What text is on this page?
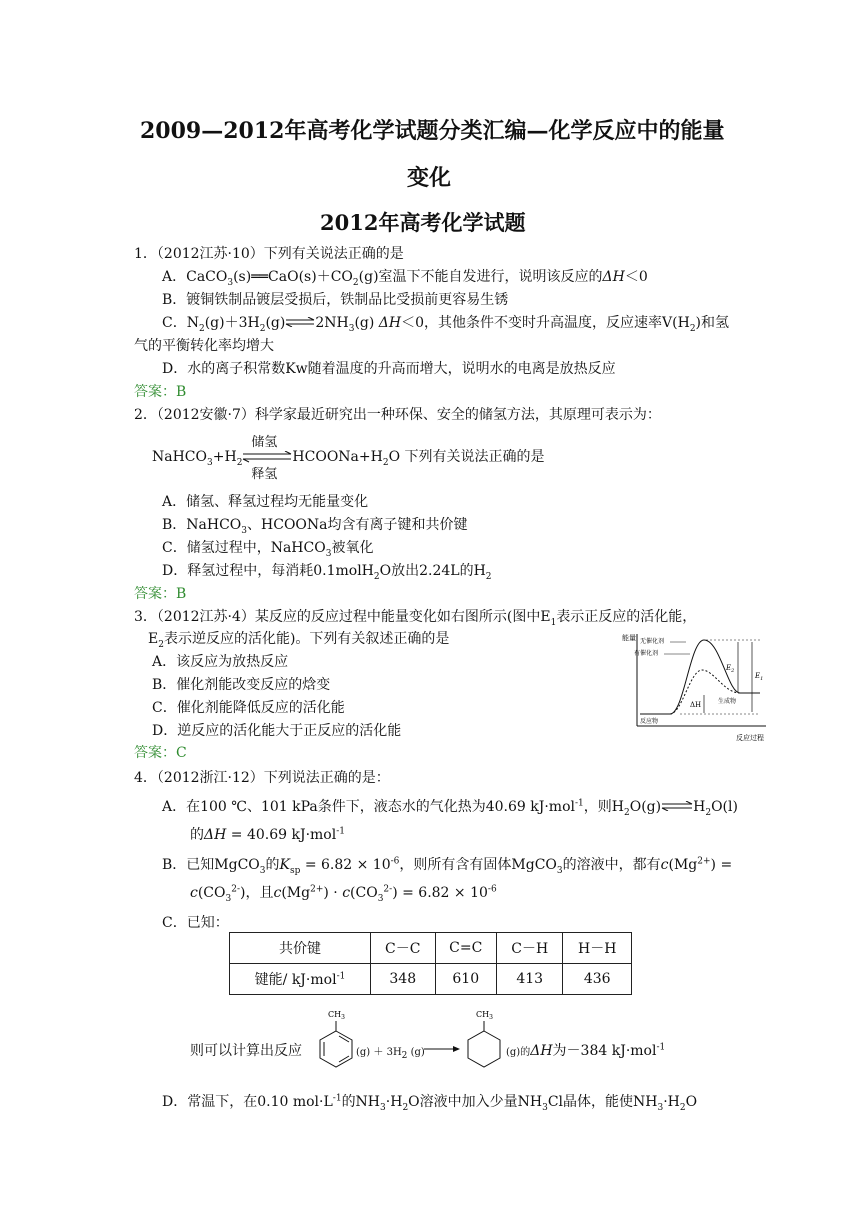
2009—2012年高考化学试题分类汇编—化学反应中的能量
变化
2012年高考化学试题
1．（2012江苏·10）下列有关说法正确的是
A．$CaCO_3(s)══CaO(s)+CO_2(g)$室温下不能自发进行，说明该反应的ΔH＜0
B．镀铜铁制品镀层受损后，铁制品比受损前更容易生锈
C．$N_2(g)+3H_2(g)\rightleftharpoons 2NH_3(g)$ ΔH＜0，其他条件不变时升高温度，反应速率$V(H_2)$和氢
气的平衡转化率均增大
D．水的离子积常数Kw随着温度的升高而增大，说明水的电离是放热反应
答案：B
2．（2012安徽·7）科学家最近研究出一种环保、安全的储氢方法，其原理可表示为：
$NaHCO_3+H_2$
储氢
释氢
$HCOONa+H_2O$ 下列有关说法正确的是
A．储氢、释氢过程均无能量变化
B．NaHCO$_3$、HCOONa均含有离子键和共价键
C．储氢过程中，NaHCO$_3$被氧化
D．释氢过程中，每消耗0.1molH$_2$O放出2.24L的$H_2$
答案：B
3．（2012江苏·4）某反应的反应过程中能量变化如右图所示(图中$E_1$表示正反应的活化能，
$E_2$表示逆反应的活化能)。下列有关叙述正确的是
A．该反应为放热反应
B．催化剂能改变反应的焓变
C．催化剂能降低反应的活化能
D．逆反应的活化能大于正反应的活化能
答案：C
能量
反应过程
无催化剂
有催化剂
$E_2$
$E_1$
ΔH	生成物
反应物
4．（2012浙江·12）下列说法正确的是：
A．在100 ℃、101 kPa条件下，液态水的气化热为40.69 kJ·mol$^{-1}$，则$H_2O(g)\rightleftharpoons H_2O(l)$
的ΔH = 40.69 kJ·mol$^{-1}$
B．已知MgCO$_3$的$K_{sp} = 6.82 \times 10^{-6}$，则所有含有固体MgCO$_3$的溶液中，都有$c(Mg^{2+})$ =
$c(CO_3^{2-})$，且$c(Mg^{2+}) \cdot c(CO_3^{2-}) = 6.82 \times 10^{-6}$
C．已知：
共价键	C－C	C=C	C－H	H－H
键能/ kJ·mol$^{-1}$	348	610	413	436
则可以计算出反应
$CH_3$
$(g) + 3H_2$ (g)
$CH_3$
(g)的ΔH为－384 kJ·mol$^{-1}$
D．常温下，在0.10 $mol\cdot L^{-1}$的$NH_3\cdot H_2O$溶液中加入少量$NH_3Cl$晶体，能使$NH_3\cdot H_2O$
